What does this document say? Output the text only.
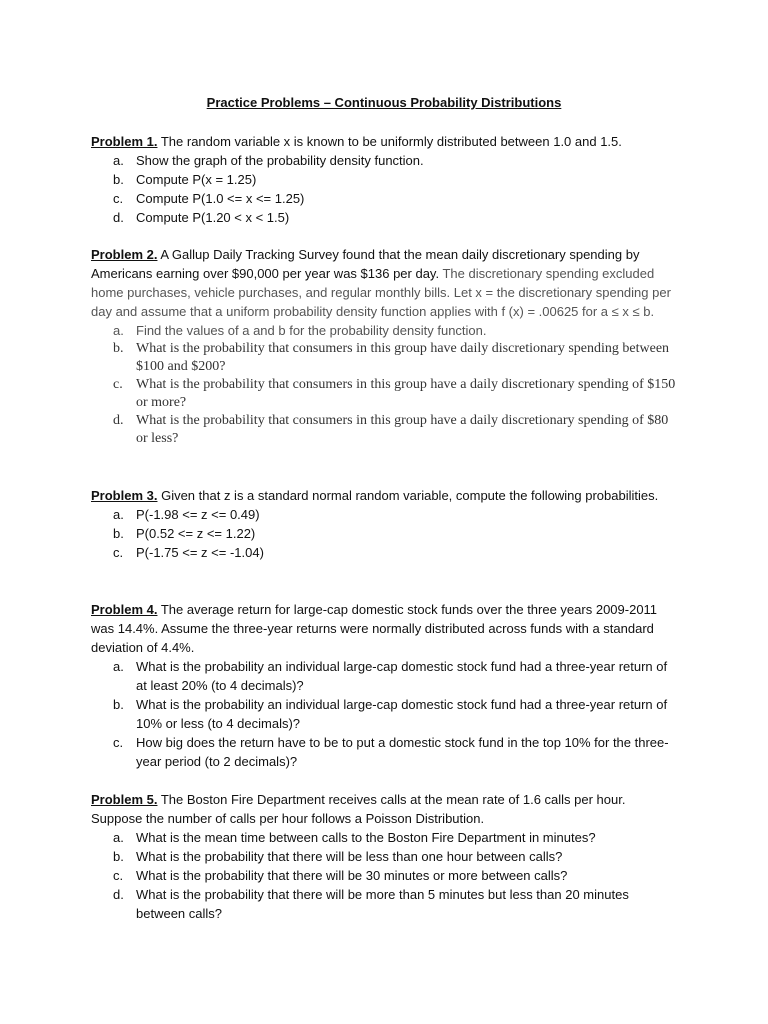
Practice Problems – Continuous Probability Distributions

Problem 1. The random variable x is known to be uniformly distributed between 1.0 and 1.5.

a. Show the graph of the probability density function.
b. Compute P(x = 1.25)
c. Compute P(1.0 <= x <= 1.25)
d. Compute P(1.20 < x < 1.5)

Problem 2. A Gallup Daily Tracking Survey found that the mean daily discretionary spending by Americans earning over $90,000 per year was $136 per day. The discretionary spending excluded home purchases, vehicle purchases, and regular monthly bills. Let x = the discretionary spending per day and assume that a uniform probability density function applies with f (x) = .00625 for a ≤ x ≤ b.

a. Find the values of a and b for the probability density function.
b. What is the probability that consumers in this group have daily discretionary spending between $100 and $200?
c. What is the probability that consumers in this group have a daily discretionary spending of $150 or more?
d. What is the probability that consumers in this group have a daily discretionary spending of $80 or less?

Problem 3. Given that z is a standard normal random variable, compute the following probabilities.

a. P(-1.98 <= z <= 0.49)
b. P(0.52 <= z <= 1.22)
c. P(-1.75 <= z <= -1.04)

Problem 4. The average return for large-cap domestic stock funds over the three years 2009-2011 was 14.4%. Assume the three-year returns were normally distributed across funds with a standard deviation of 4.4%.

a. What is the probability an individual large-cap domestic stock fund had a three-year return of at least 20% (to 4 decimals)?
b. What is the probability an individual large-cap domestic stock fund had a three-year return of 10% or less (to 4 decimals)?
c. How big does the return have to be to put a domestic stock fund in the top 10% for the three-year period (to 2 decimals)?

Problem 5. The Boston Fire Department receives calls at the mean rate of 1.6 calls per hour. Suppose the number of calls per hour follows a Poisson Distribution.

a. What is the mean time between calls to the Boston Fire Department in minutes?
b. What is the probability that there will be less than one hour between calls?
c. What is the probability that there will be 30 minutes or more between calls?
d. What is the probability that there will be more than 5 minutes but less than 20 minutes between calls?
